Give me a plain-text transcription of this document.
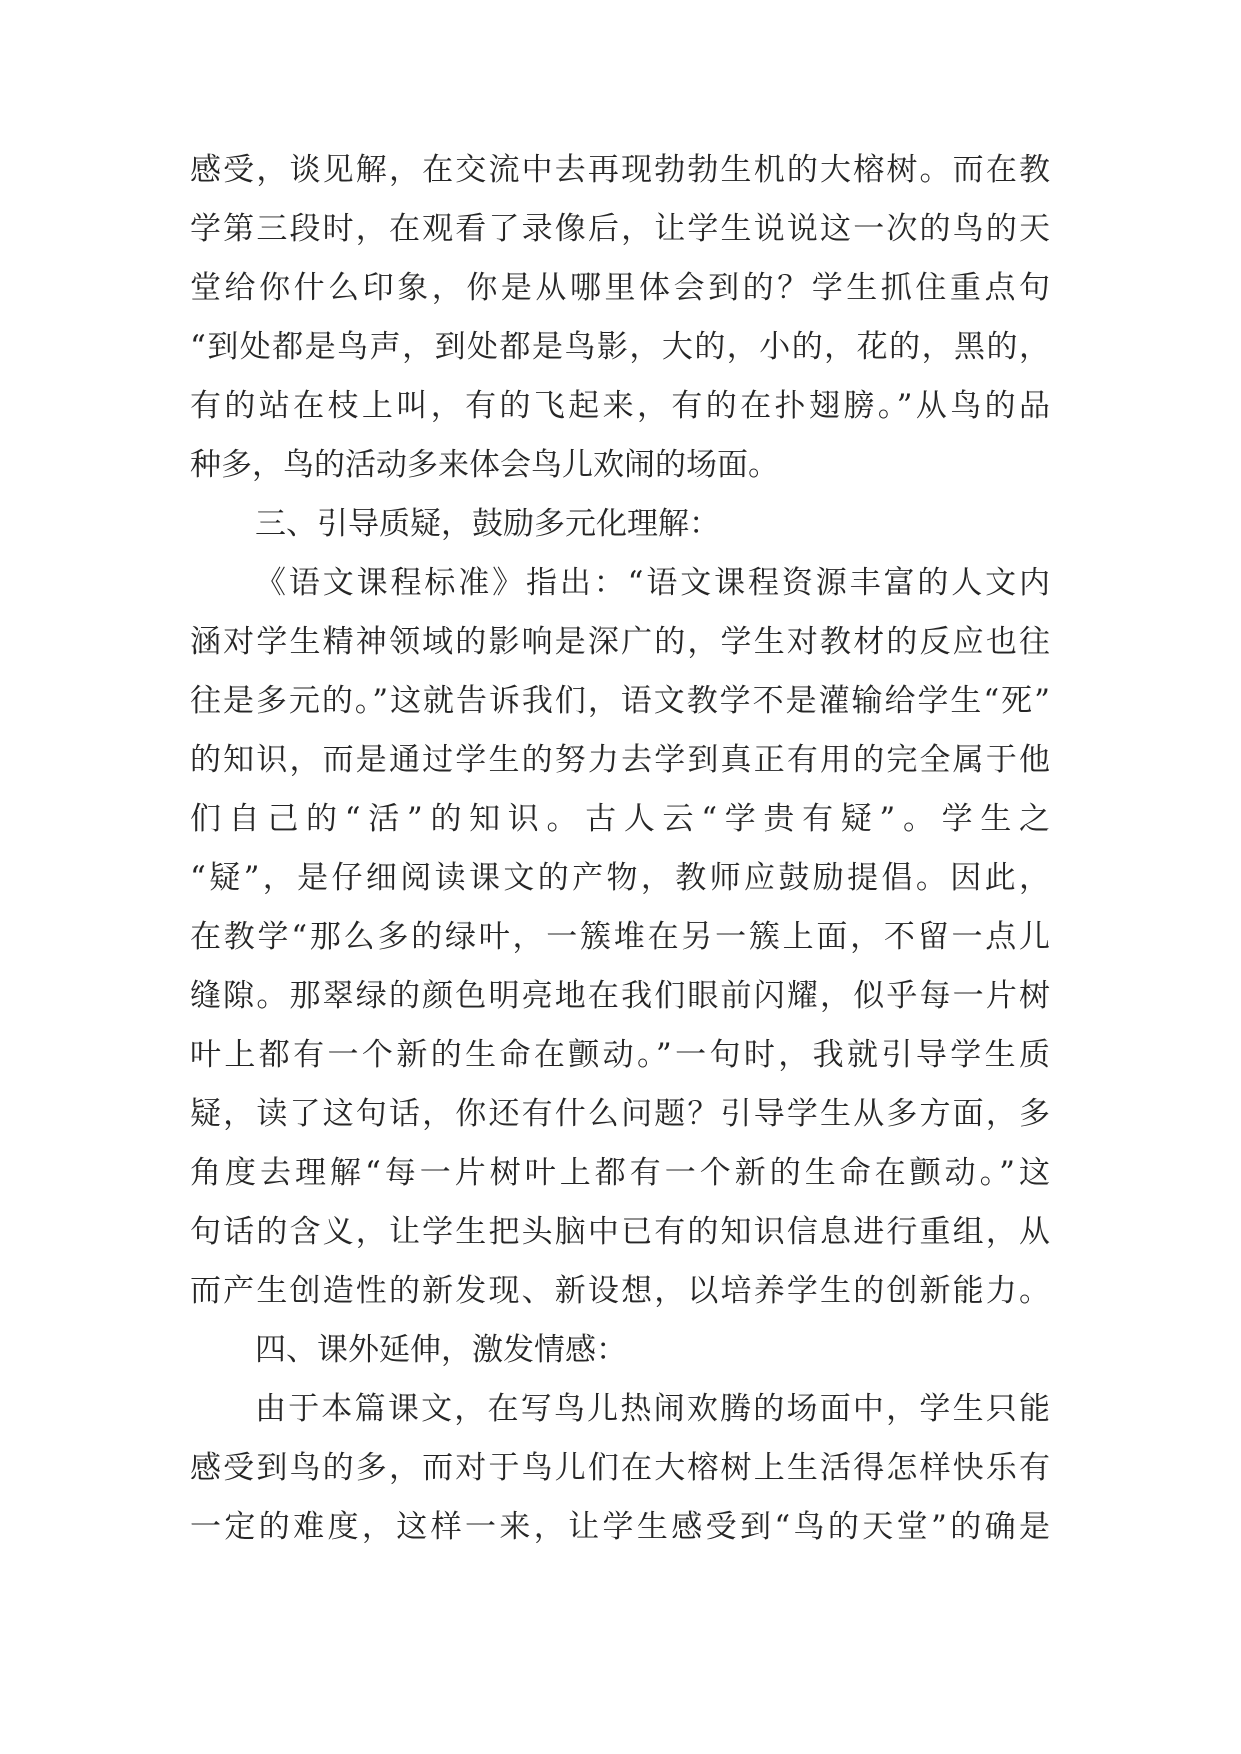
感受，谈见解，在交流中去再现勃勃生机的大榕树。而在教
学第三段时，在观看了录像后，让学生说说这一次的鸟的天
堂给你什么印象，你是从哪里体会到的？学生抓住重点句
“到处都是鸟声，到处都是鸟影，大的，小的，花的，黑的，
有的站在枝上叫，有的飞起来，有的在扑翅膀。”从鸟的品
种多，鸟的活动多来体会鸟儿欢闹的场面。
三、引导质疑，鼓励多元化理解：
《语文课程标准》指出：“语文课程资源丰富的人文内
涵对学生精神领域的影响是深广的，学生对教材的反应也往
往是多元的。”这就告诉我们，语文教学不是灌输给学生“死”
的知识，而是通过学生的努力去学到真正有用的完全属于他
们自己的“活”的知识。古人云“学贵有疑”。学生之
“疑”，是仔细阅读课文的产物，教师应鼓励提倡。因此，
在教学“那么多的绿叶，一簇堆在另一簇上面，不留一点儿
缝隙。那翠绿的颜色明亮地在我们眼前闪耀，似乎每一片树
叶上都有一个新的生命在颤动。”一句时，我就引导学生质
疑，读了这句话，你还有什么问题？引导学生从多方面，多
角度去理解“每一片树叶上都有一个新的生命在颤动。”这
句话的含义，让学生把头脑中已有的知识信息进行重组，从
而产生创造性的新发现、新设想，以培养学生的创新能力。
四、课外延伸，激发情感：
由于本篇课文，在写鸟儿热闹欢腾的场面中，学生只能
感受到鸟的多，而对于鸟儿们在大榕树上生活得怎样快乐有
一定的难度，这样一来，让学生感受到“鸟的天堂”的确是
